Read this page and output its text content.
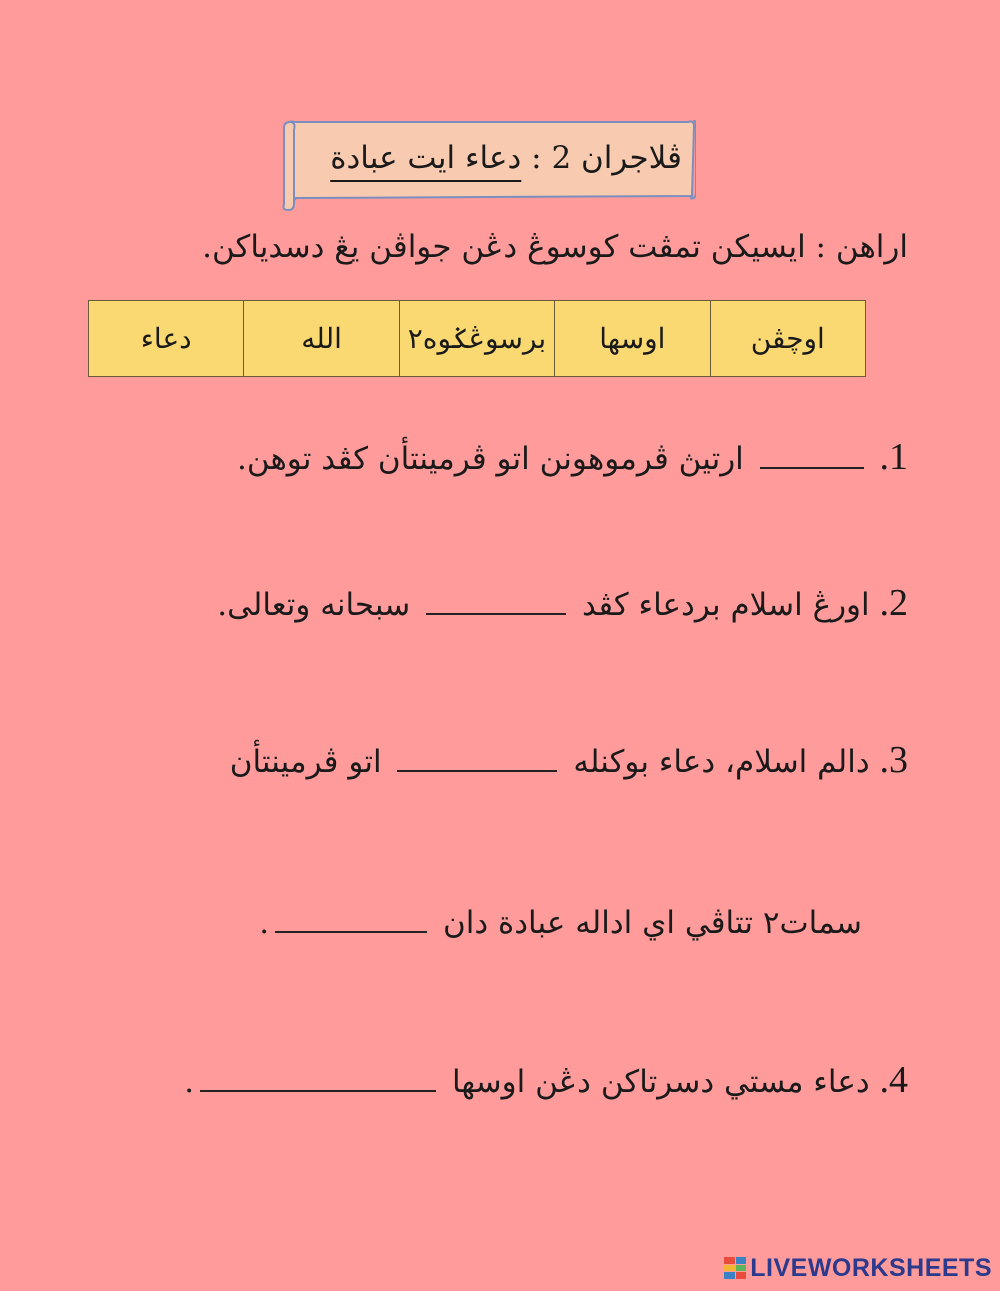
ڤلاجران 2 : دعاء ايت عبادة
اراهن : ايسيكن تمڤت كوسوڠ دڠن جواڤن يڠ دسدياكن.
دعاء	الله	برسوڠݢوه٢	اوسها	اوچڤن
1.  ارتيڽ ڤرموهونن اتو ڤرمينتأن كڤد توهن.
2. اورڠ اسلام بردعاء كڤد  سبحانه وتعالى.
3. دالم اسلام، دعاء بوكنله  اتو ڤرمينتأن
سمات٢ تتاڤي اي اداله عبادة دان .
4. دعاء مستي دسرتاكن دڠن اوسها .
LIVEWORKSHEETS
